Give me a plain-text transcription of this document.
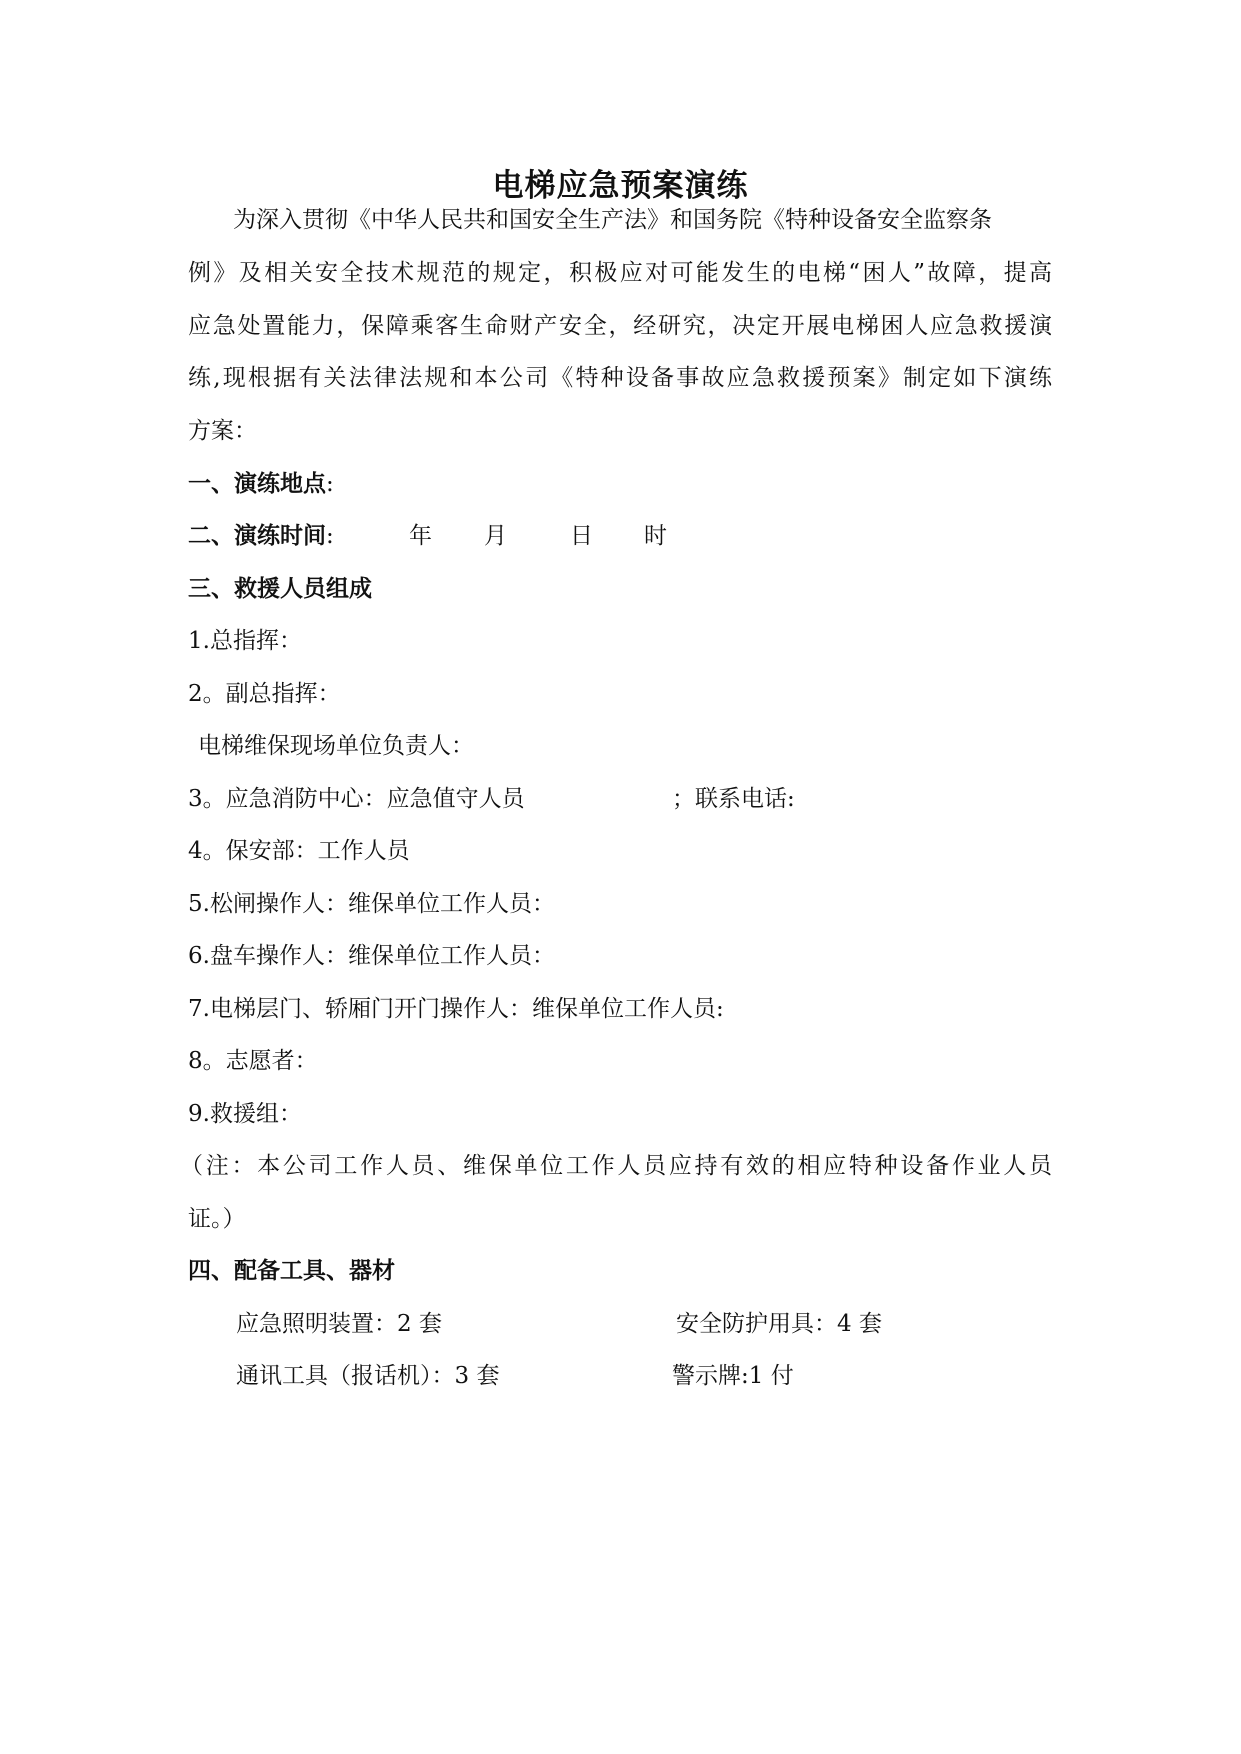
电梯应急预案演练
为深入贯彻《中华人民共和国安全生产法》和国务院《特种设备安全监察条
例》及相关安全技术规范的规定，积极应对可能发生的电梯“困人”故障，提高
应急处置能力，保障乘客生命财产安全，经研究，决定开展电梯困人应急救援演
练,现根据有关法律法规和本公司《特种设备事故应急救援预案》制定如下演练
方案：
一、演练地点:
二、演练时间:	年 月	日 时
三、救援人员组成
1.总指挥：
2。副总指挥：
电梯维保现场单位负责人：
3。应急消防中心：应急值守人员	；联系电话:
4。保安部：工作人员
5.松闸操作人：维保单位工作人员：
6.盘车操作人：维保单位工作人员：
7.电梯层门、轿厢门开门操作人：维保单位工作人员:
8。志愿者：
9.救援组：
（注：本公司工作人员、维保单位工作人员应持有效的相应特种设备作业人员
证。）
四、配备工具、器材
应急照明装置：2 套	安全防护用具：4 套
通讯工具（报话机）：3 套	警示牌:1 付
